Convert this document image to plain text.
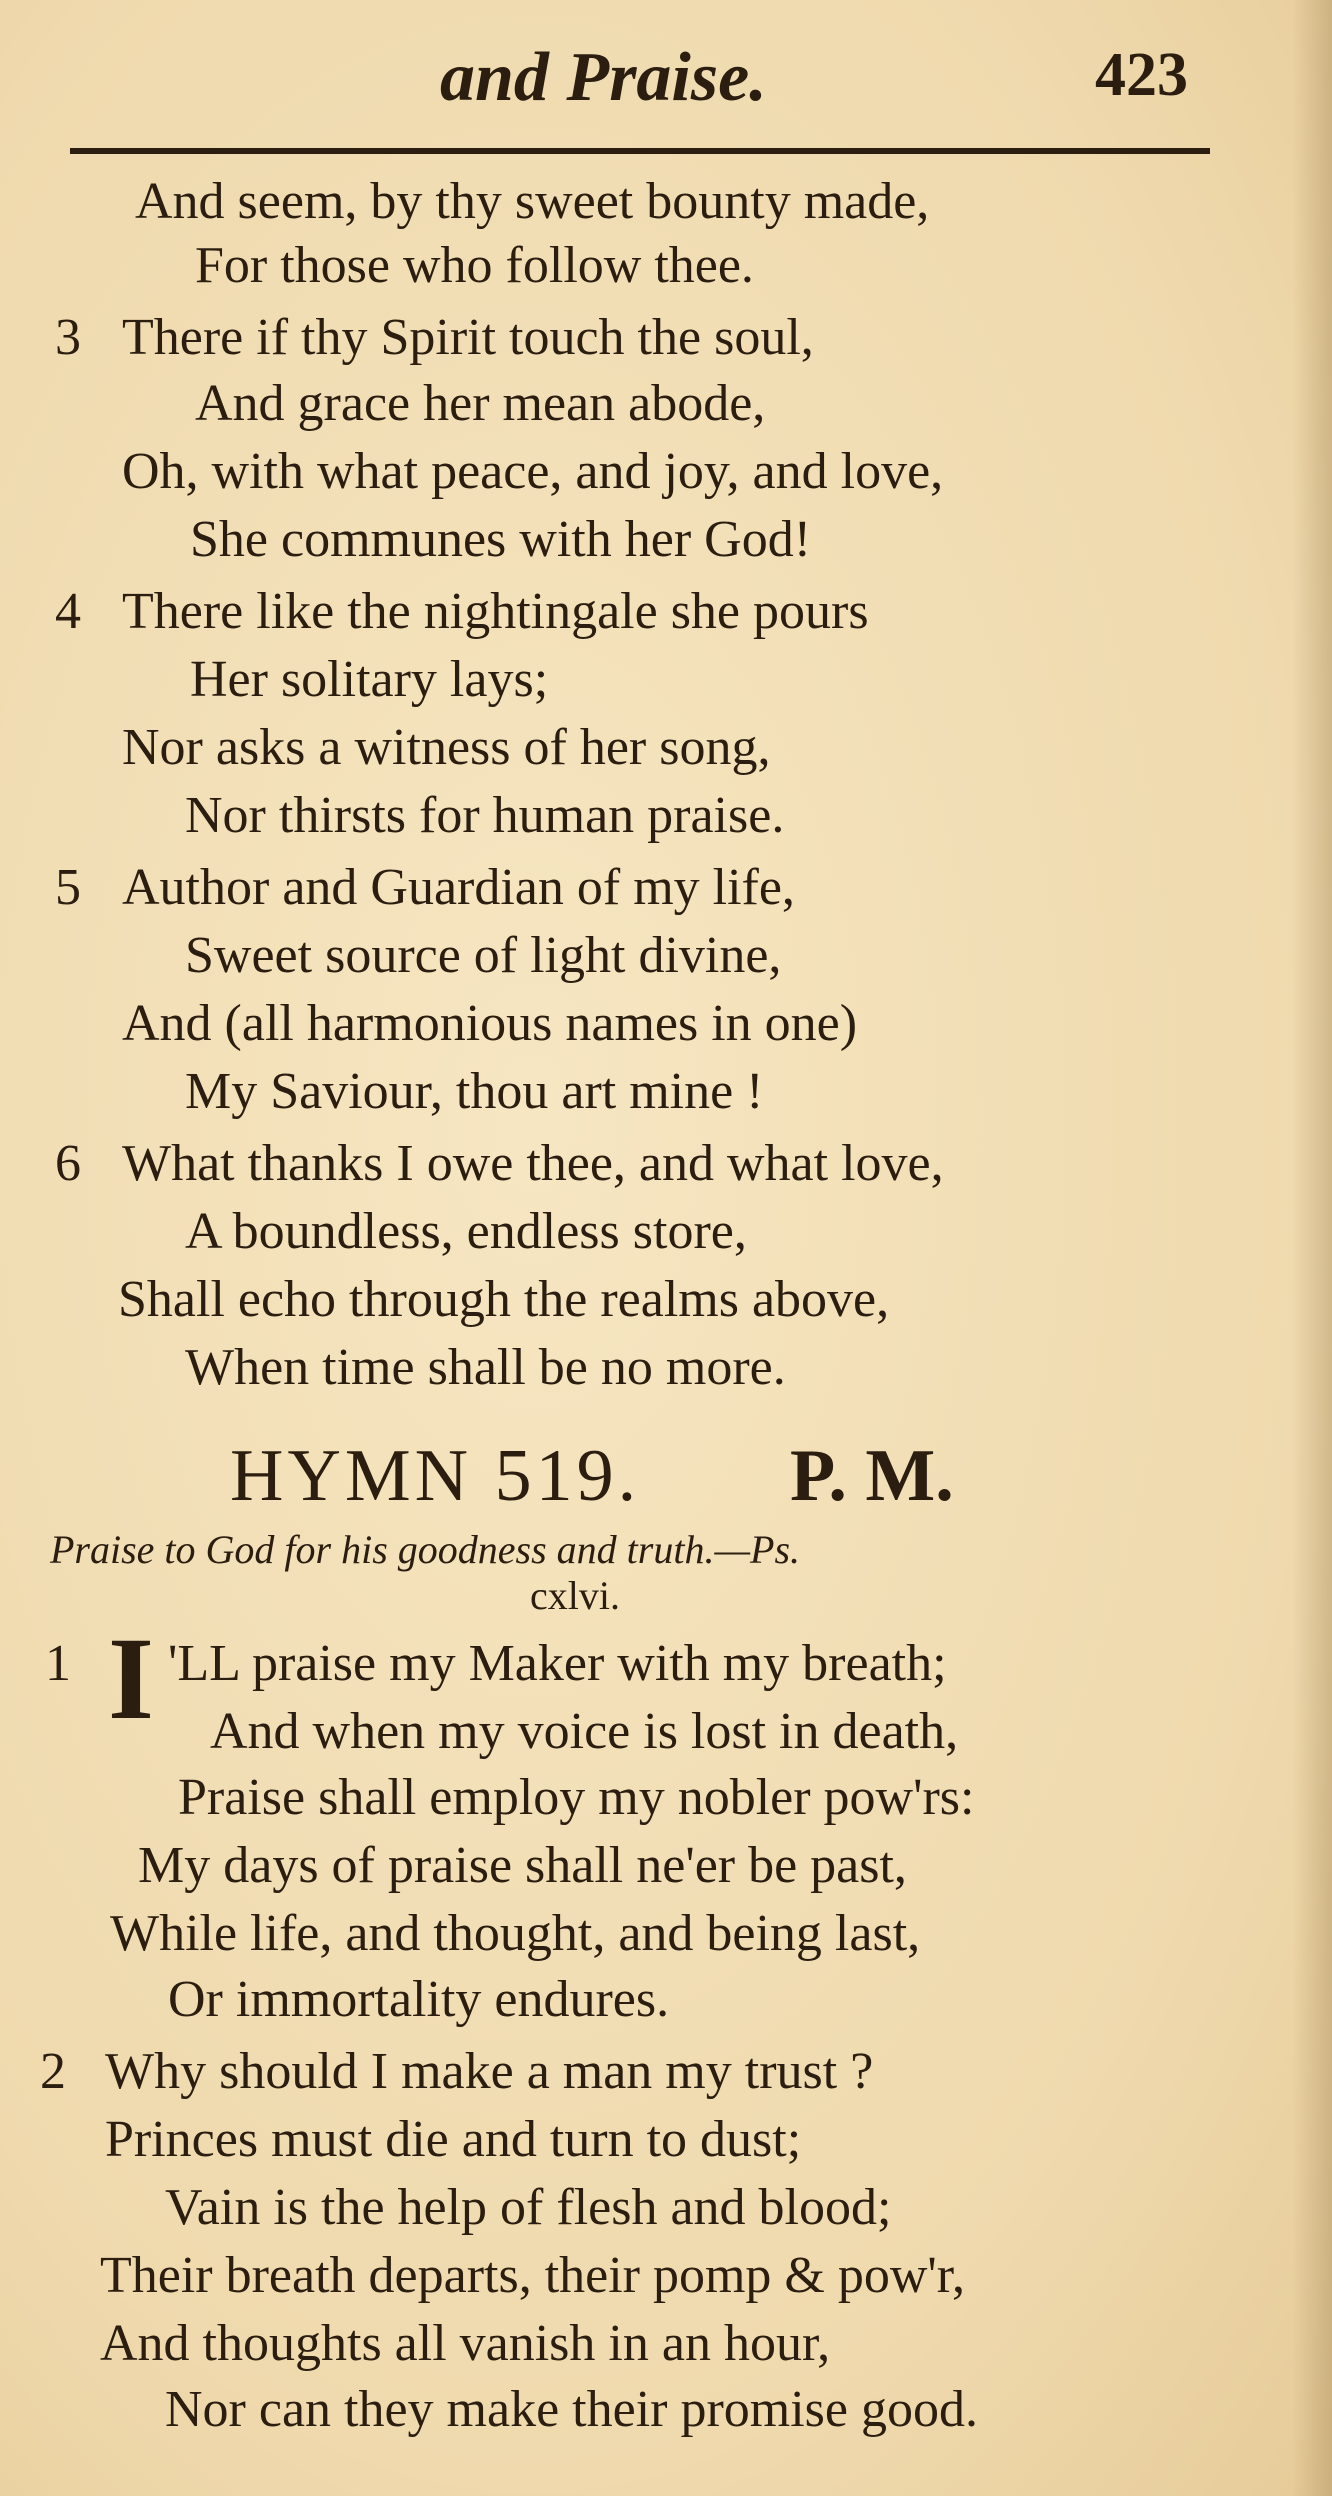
and Praise.	423
And seem, by thy sweet bounty made,
For those who follow thee.
3 There if thy Spirit touch the soul,
And grace her mean abode,
Oh, with what peace, and joy, and love,
She communes with her God!
4 There like the nightingale she pours
Her solitary lays;
Nor asks a witness of her song,
Nor thirsts for human praise.
5 Author and Guardian of my life,
Sweet source of light divine,
And (all harmonious names in one)
My Saviour, thou art mine !
6 What thanks I owe thee, and what love,
A boundless, endless store,
Shall echo through the realms above,
When time shall be no more.
HYMN 519. P. M.
Praise to God for his goodness and truth.—Ps.
cxlvi.
1 I 'LL praise my Maker with my breath;
And when my voice is lost in death,
Praise shall employ my nobler pow'rs:
My days of praise shall ne'er be past,
While life, and thought, and being last,
Or immortality endures.
2 Why should I make a man my trust ?
Princes must die and turn to dust;
Vain is the help of flesh and blood;
Their breath departs, their pomp & pow'r,
And thoughts all vanish in an hour,
Nor can they make their promise good.
